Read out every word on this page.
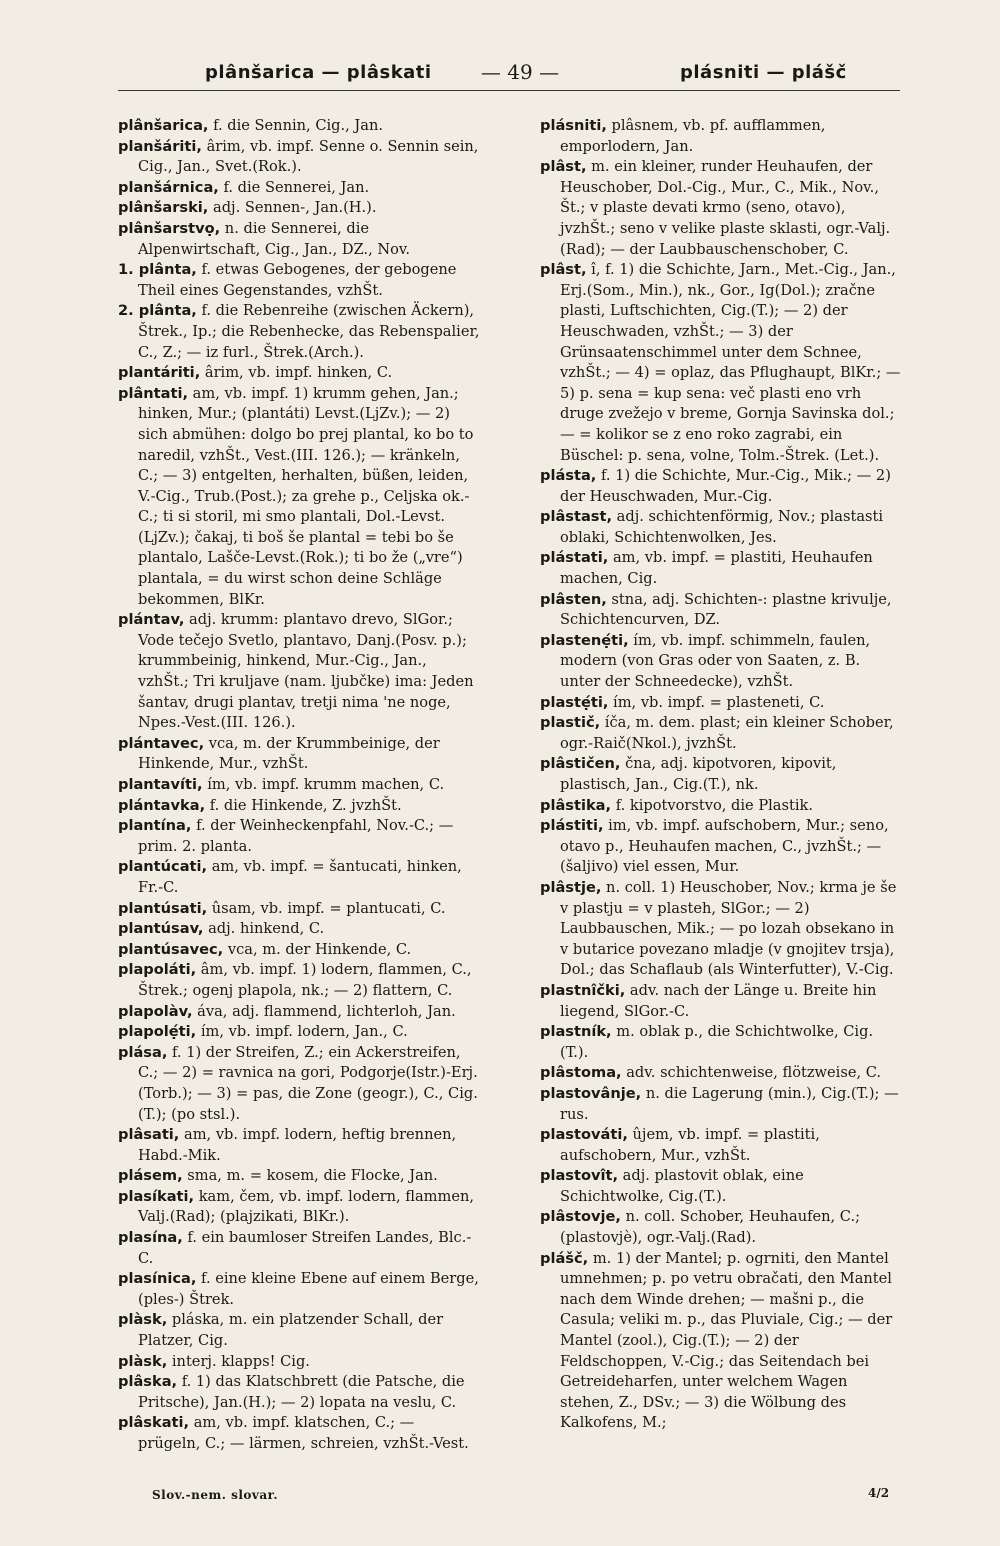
plânšarica — plâskati	— 49 —	plásniti — plášč

plânšarica, f. die Sennin, Cig., Jan.

planšáriti, ârim, vb. impf. Senne o. Sennin sein, Cig., Jan., Svet.(Rok.).

planšárnica, f. die Sennerei, Jan.

plânšarski, adj. Sennen-, Jan.(H.).

plânšarstvọ, n. die Sennerei, die Alpenwirtschaft, Cig., Jan., DZ., Nov.

1. plânta, f. etwas Gebogenes, der gebogene Theil eines Gegenstandes, vzhŠt.

2. plânta, f. die Rebenreihe (zwischen Äckern), Štrek., Ip.; die Rebenhecke, das Rebenspalier, C., Z.; — iz furl., Štrek.(Arch.).

plantáriti, ârim, vb. impf. hinken, C.

plântati, am, vb. impf. 1) krumm gehen, Jan.; hinken, Mur.; (plantáti) Levst.(LjZv.); — 2) sich abmühen: dolgo bo prej plantal, ko bo to naredil, vzhŠt., Vest.(III. 126.); — kränkeln, C.; — 3) entgelten, herhalten, büßen, leiden, V.-Cig., Trub.(Post.); za grehe p., Celjska ok.-C.; ti si storil, mi smo plantali, Dol.-Levst.(LjZv.); čakaj, ti boš še plantal = tebi bo še plantalo, Lašče-Levst.(Rok.); ti bo že („vre“) plantala, = du wirst schon deine Schläge bekommen, BlKr.

plántav, adj. krumm: plantavo drevo, SlGor.; Vode tečejo Svetlo, plantavo, Danj.(Posv. p.); krummbeinig, hinkend, Mur.-Cig., Jan., vzhŠt.; Tri kruljave (nam. ljubčke) ima: Jeden šantav, drugi plantav, tretji nima 'ne noge, Npes.-Vest.(III. 126.).

plántavec, vca, m. der Krummbeinige, der Hinkende, Mur., vzhŠt.

plantavíti, ím, vb. impf. krumm machen, C.

plántavka, f. die Hinkende, Z. jvzhŠt.

plantína, f. der Weinheckenpfahl, Nov.-C.; — prim. 2. planta.

plantúcati, am, vb. impf. = šantucati, hinken, Fr.-C.

plantúsati, ûsam, vb. impf. = plantucati, C.

plantúsav, adj. hinkend, C.

plantúsavec, vca, m. der Hinkende, C.

plapoláti, âm, vb. impf. 1) lodern, flammen, C., Štrek.; ogenj plapola, nk.; — 2) flattern, C.

plapolàv, áva, adj. flammend, lichterloh, Jan.

plapolẹ́ti, ím, vb. impf. lodern, Jan., C.

plása, f. 1) der Streifen, Z.; ein Ackerstreifen, C.; — 2) = ravnica na gori, Podgorje(Istr.)-Erj.(Torb.); — 3) = pas, die Zone (geogr.), C., Cig.(T.); (po stsl.).

plâsati, am, vb. impf. lodern, heftig brennen, Habd.-Mik.

plásem, sma, m. = kosem, die Flocke, Jan.

plasíkati, kam, čem, vb. impf. lodern, flammen, Valj.(Rad); (plajzikati, BlKr.).

plasína, f. ein baumloser Streifen Landes, Blc.-C.

plasínica, f. eine kleine Ebene auf einem Berge, (ples-) Štrek.

plàsk, pláska, m. ein platzender Schall, der Platzer, Cig.

plàsk, interj. klapps! Cig.

plâska, f. 1) das Klatschbrett (die Patsche, die Pritsche), Jan.(H.); — 2) lopata na veslu, C.

plâskati, am, vb. impf. klatschen, C.; — prügeln, C.; — lärmen, schreien, vzhŠt.-Vest.

plásniti, plâsnem, vb. pf. aufflammen, emporlodern, Jan.

plâst, m. ein kleiner, runder Heuhaufen, der Heuschober, Dol.-Cig., Mur., C., Mik., Nov., Št.; v plaste devati krmo (seno, otavo), jvzhŠt.; seno v velike plaste sklasti, ogr.-Valj.(Rad); — der Laubbauschenschober, C.

plâst, î, f. 1) die Schichte, Jarn., Met.-Cig., Jan., Erj.(Som., Min.), nk., Gor., Ig(Dol.); zračne plasti, Luftschichten, Cig.(T.); — 2) der Heuschwaden, vzhŠt.; — 3) der Grünsaatenschimmel unter dem Schnee, vzhŠt.; — 4) = oplaz, das Pflughaupt, BlKr.; — 5) p. sena = kup sena: več plasti eno vrh druge zvežejo v breme, Gornja Savinska dol.; — = kolikor se z eno roko zagrabi, ein Büschel: p. sena, volne, Tolm.-Štrek. (Let.).

plásta, f. 1) die Schichte, Mur.-Cig., Mik.; — 2) der Heuschwaden, Mur.-Cig.

plâstast, adj. schichtenförmig, Nov.; plastasti oblaki, Schichtenwolken, Jes.

plástati, am, vb. impf. = plastiti, Heuhaufen machen, Cig.

plâsten, stna, adj. Schichten-: plastne krivulje, Schichtencurven, DZ.

plastenẹ́ti, ím, vb. impf. schimmeln, faulen, modern (von Gras oder von Saaten, z. B. unter der Schneedecke), vzhŠt.

plastẹ́ti, ím, vb. impf. = plasteneti, C.

plastič, íča, m. dem. plast; ein kleiner Schober, ogr.-Raič(Nkol.), jvzhŠt.

plâstičen, čna, adj. kipotvoren, kipovit, plastisch, Jan., Cig.(T.), nk.

plâstika, f. kipotvorstvo, die Plastik.

plástiti, im, vb. impf. aufschobern, Mur.; seno, otavo p., Heuhaufen machen, C., jvzhŠt.; — (šaljivo) viel essen, Mur.

plâstje, n. coll. 1) Heuschober, Nov.; krma je še v plastju = v plasteh, SlGor.; — 2) Laubbauschen, Mik.; — po lozah obsekano in v butarice povezano mladje (v gnojitev trsja), Dol.; das Schaflaub (als Winterfutter), V.-Cig.

plastnîčki, adv. nach der Länge u. Breite hin liegend, SlGor.-C.

plastník, m. oblak p., die Schichtwolke, Cig. (T.).

plâstoma, adv. schichtenweise, flötzweise, C.

plastovânje, n. die Lagerung (min.), Cig.(T.); — rus.

plastováti, ûjem, vb. impf. = plastiti, aufschobern, Mur., vzhŠt.

plastovît, adj. plastovit oblak, eine Schichtwolke, Cig.(T.).

plâstovje, n. coll. Schober, Heuhaufen, C.; (plastovjè), ogr.-Valj.(Rad).

plášč, m. 1) der Mantel; p. ogrniti, den Mantel umnehmen; p. po vetru obračati, den Mantel nach dem Winde drehen; — mašni p., die Casula; veliki m. p., das Pluviale, Cig.; — der Mantel (zool.), Cig.(T.); — 2) der Feldschoppen, V.-Cig.; das Seitendach bei Getreideharfen, unter welchem Wagen stehen, Z., DSv.; — 3) die Wölbung des Kalkofens, M.;

Slov.-nem. slovar.	4/2
